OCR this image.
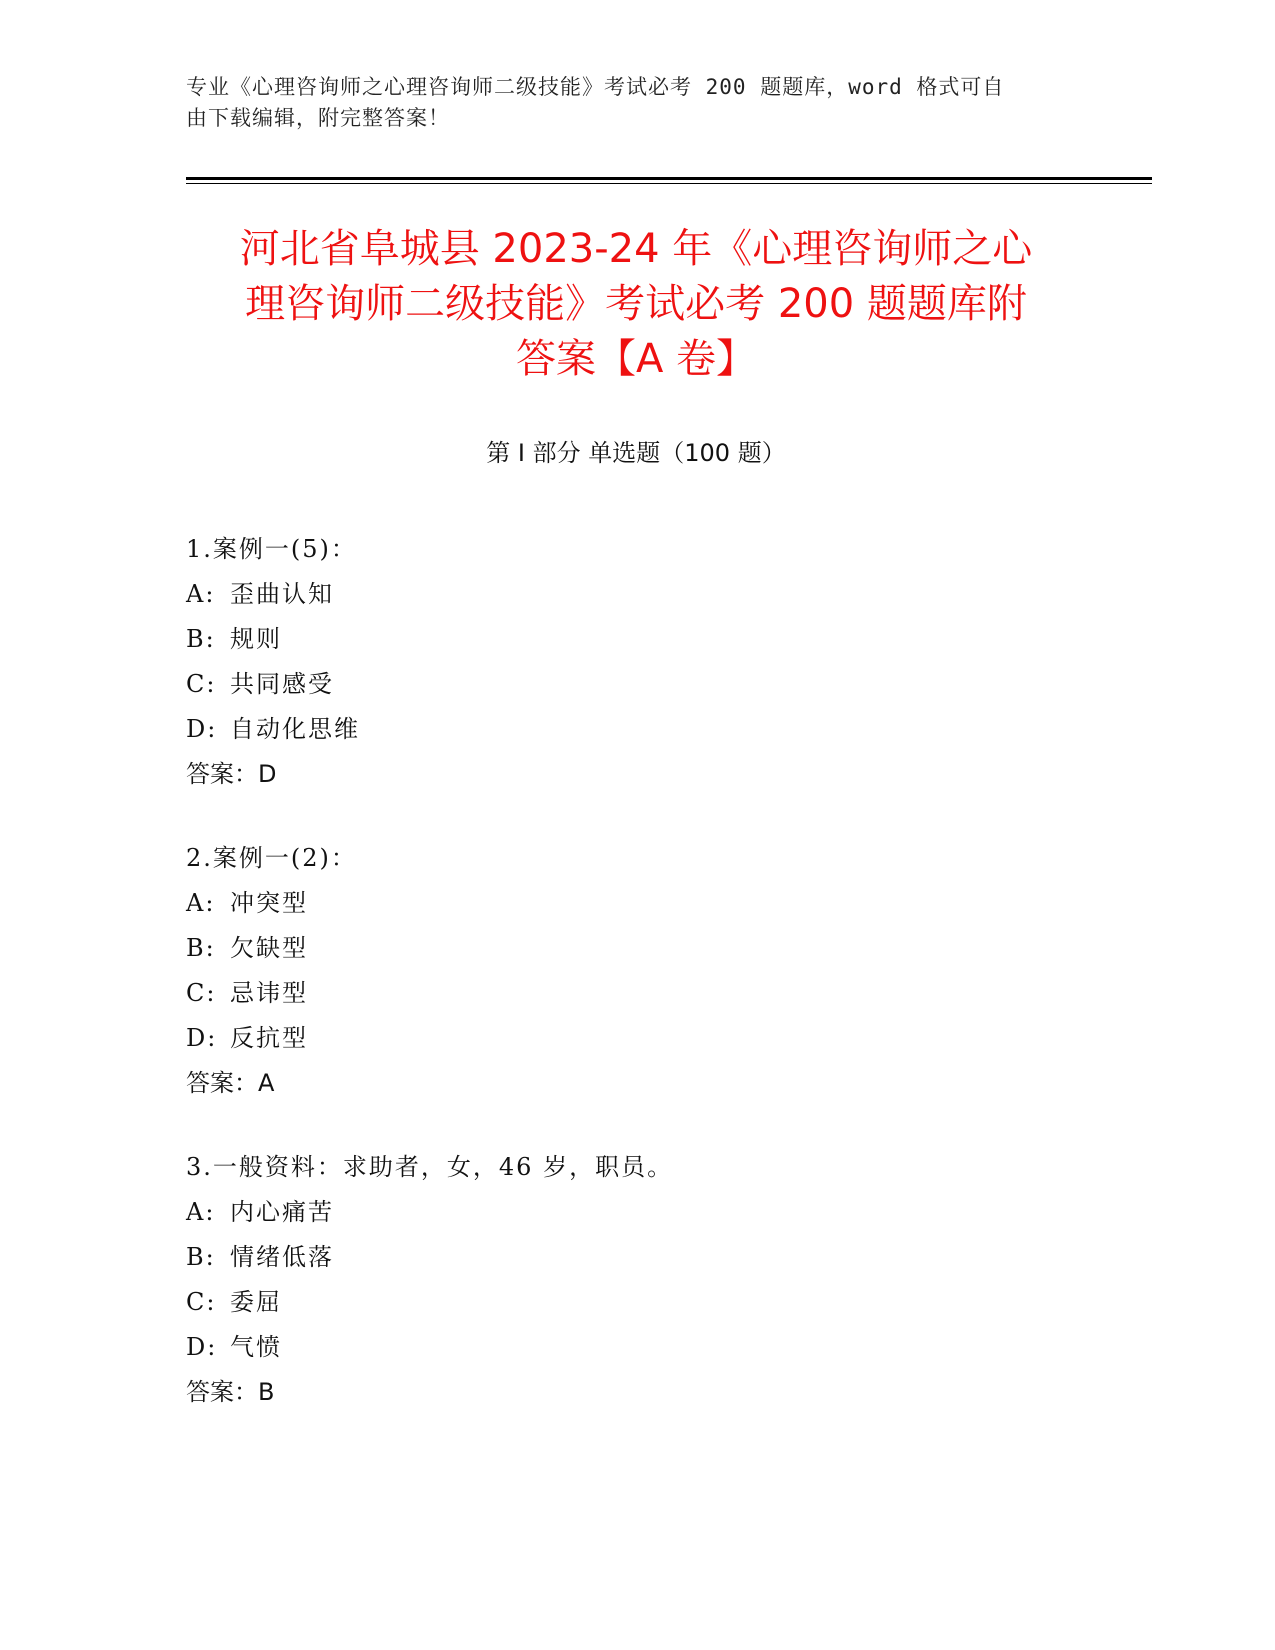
专业《心理咨询师之心理咨询师二级技能》考试必考 200 题题库，word 格式可自
由下载编辑，附完整答案！
河北省阜城县 2023-24 年《心理咨询师之心
理咨询师二级技能》考试必考 200 题题库附
答案【A 卷】
第 I 部分 单选题（100 题）
1.案例一(5)：
A: 歪曲认知
B: 规则
C: 共同感受
D: 自动化思维
答案：D
2.案例一(2)：
A: 冲突型
B: 欠缺型
C: 忌讳型
D: 反抗型
答案：A
3.一般资料：求助者，女，46 岁，职员。
A: 内心痛苦
B: 情绪低落
C: 委屈
D: 气愤
答案：B
